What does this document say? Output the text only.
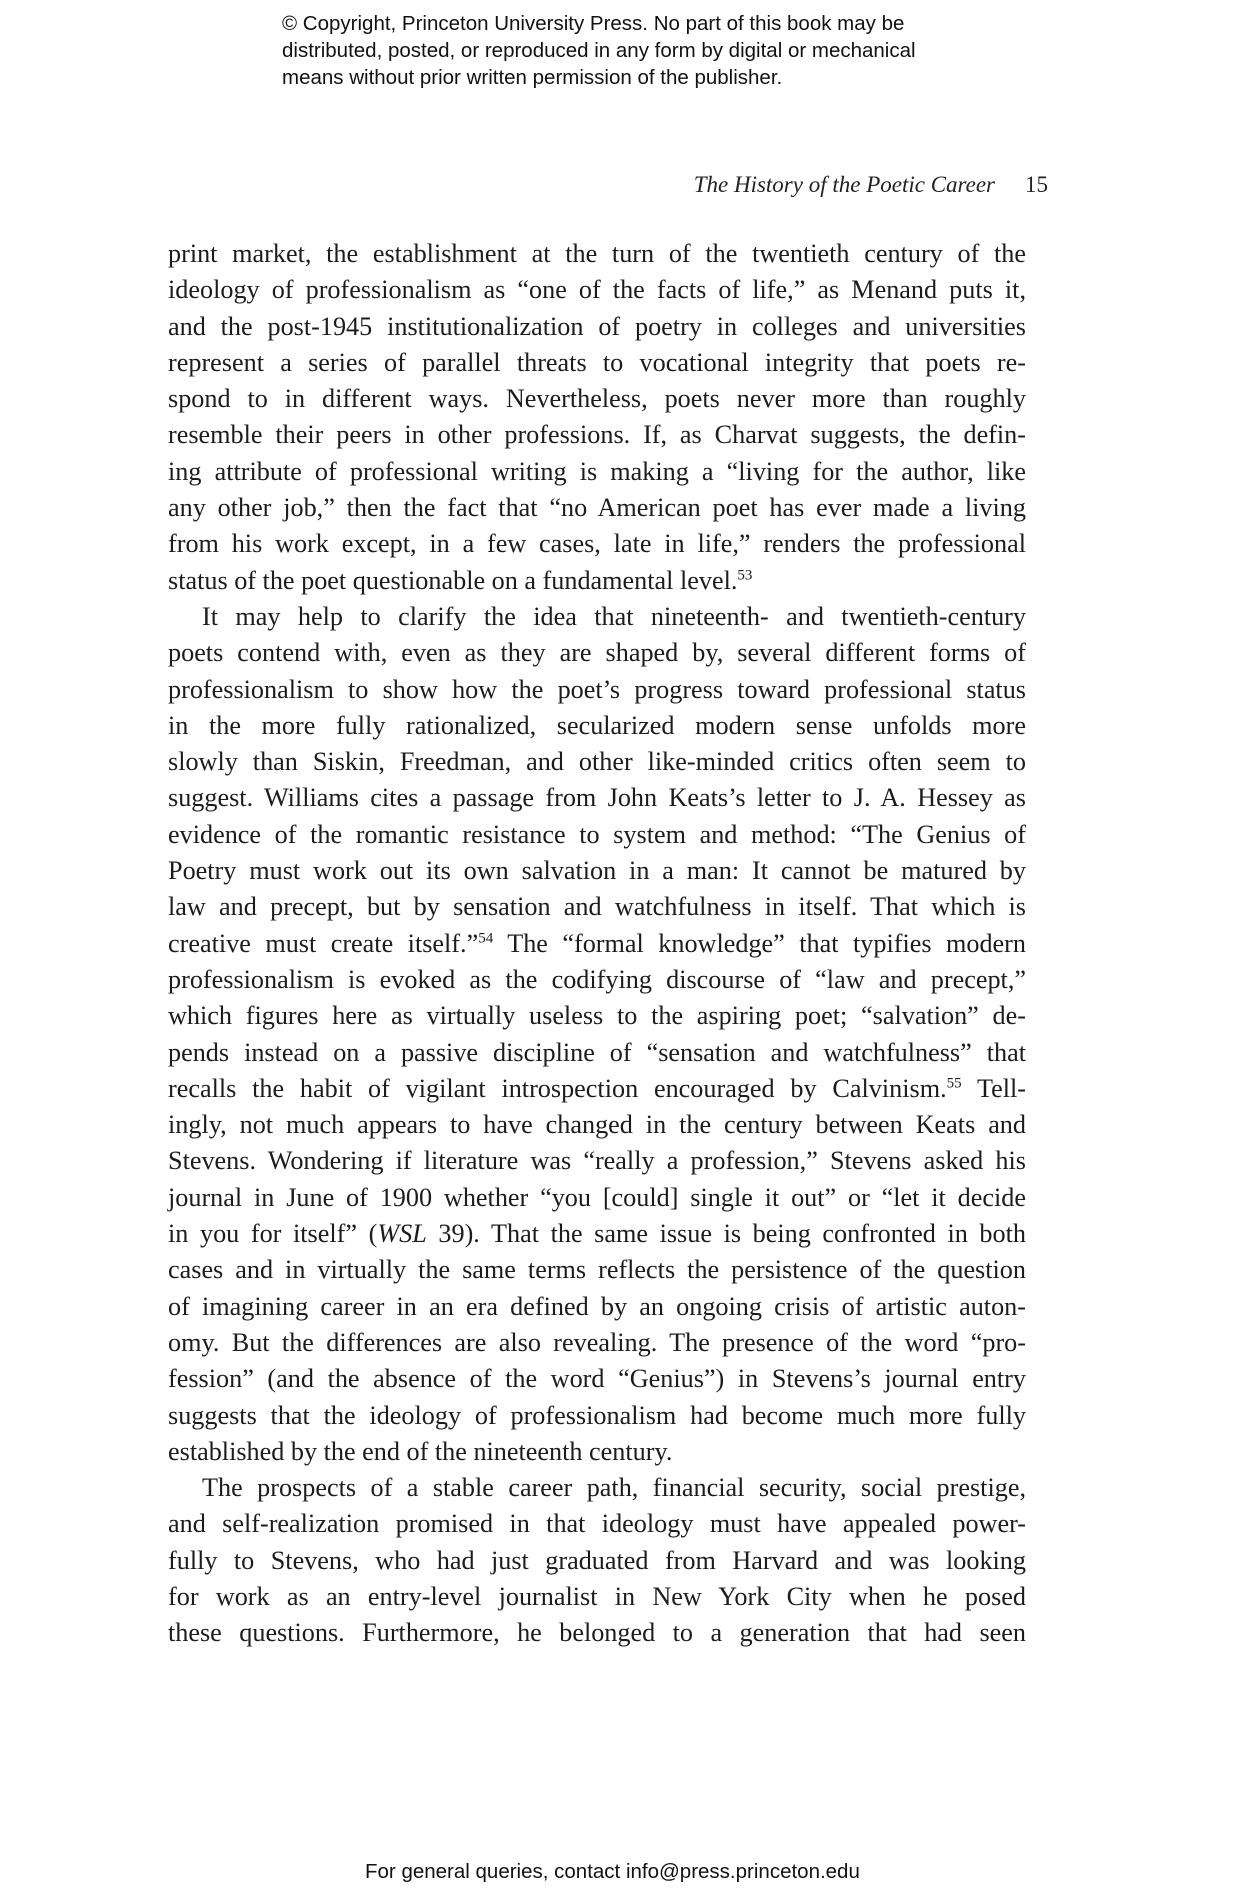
© Copyright, Princeton University Press. No part of this book may be
distributed, posted, or reproduced in any form by digital or mechanical
means without prior written permission of the publisher.
The History of the Poetic Career 15
print market, the establishment at the turn of the twentieth century of the
ideology of professionalism as “one of the facts of life,” as Menand puts it,
and the post-1945 institutionalization of poetry in colleges and universities
represent a series of parallel threats to vocational integrity that poets re-
spond to in different ways. Nevertheless, poets never more than roughly
resemble their peers in other professions. If, as Charvat suggests, the defin-
ing attribute of professional writing is making a “living for the author, like
any other job,” then the fact that “no American poet has ever made a living
from his work except, in a few cases, late in life,” renders the professional
status of the poet questionable on a fundamental level.$^{53}$
It may help to clarify the idea that nineteenth- and twentieth-century
poets contend with, even as they are shaped by, several different forms of
professionalism to show how the poet’s progress toward professional status
in the more fully rationalized, secularized modern sense unfolds more
slowly than Siskin, Freedman, and other like-minded critics often seem to
suggest. Williams cites a passage from John Keats’s letter to J. A. Hessey as
evidence of the romantic resistance to system and method: “The Genius of
Poetry must work out its own salvation in a man: It cannot be matured by
law and precept, but by sensation and watchfulness in itself. That which is
creative must create itself.”$^{54}$ The “formal knowledge” that typifies modern
professionalism is evoked as the codifying discourse of “law and precept,”
which figures here as virtually useless to the aspiring poet; “salvation” de-
pends instead on a passive discipline of “sensation and watchfulness” that
recalls the habit of vigilant introspection encouraged by Calvinism.$^{55}$ Tell-
ingly, not much appears to have changed in the century between Keats and
Stevens. Wondering if literature was “really a profession,” Stevens asked his
journal in June of 1900 whether “you [could] single it out” or “let it decide
in you for itself” (WSL 39). That the same issue is being confronted in both
cases and in virtually the same terms reflects the persistence of the question
of imagining career in an era defined by an ongoing crisis of artistic auton-
omy. But the differences are also revealing. The presence of the word “pro-
fession” (and the absence of the word “Genius”) in Stevens’s journal entry
suggests that the ideology of professionalism had become much more fully
established by the end of the nineteenth century.
The prospects of a stable career path, financial security, social prestige,
and self-realization promised in that ideology must have appealed power-
fully to Stevens, who had just graduated from Harvard and was looking
for work as an entry-level journalist in New York City when he posed
these questions. Furthermore, he belonged to a generation that had seen
For general queries, contact info@press.princeton.edu
